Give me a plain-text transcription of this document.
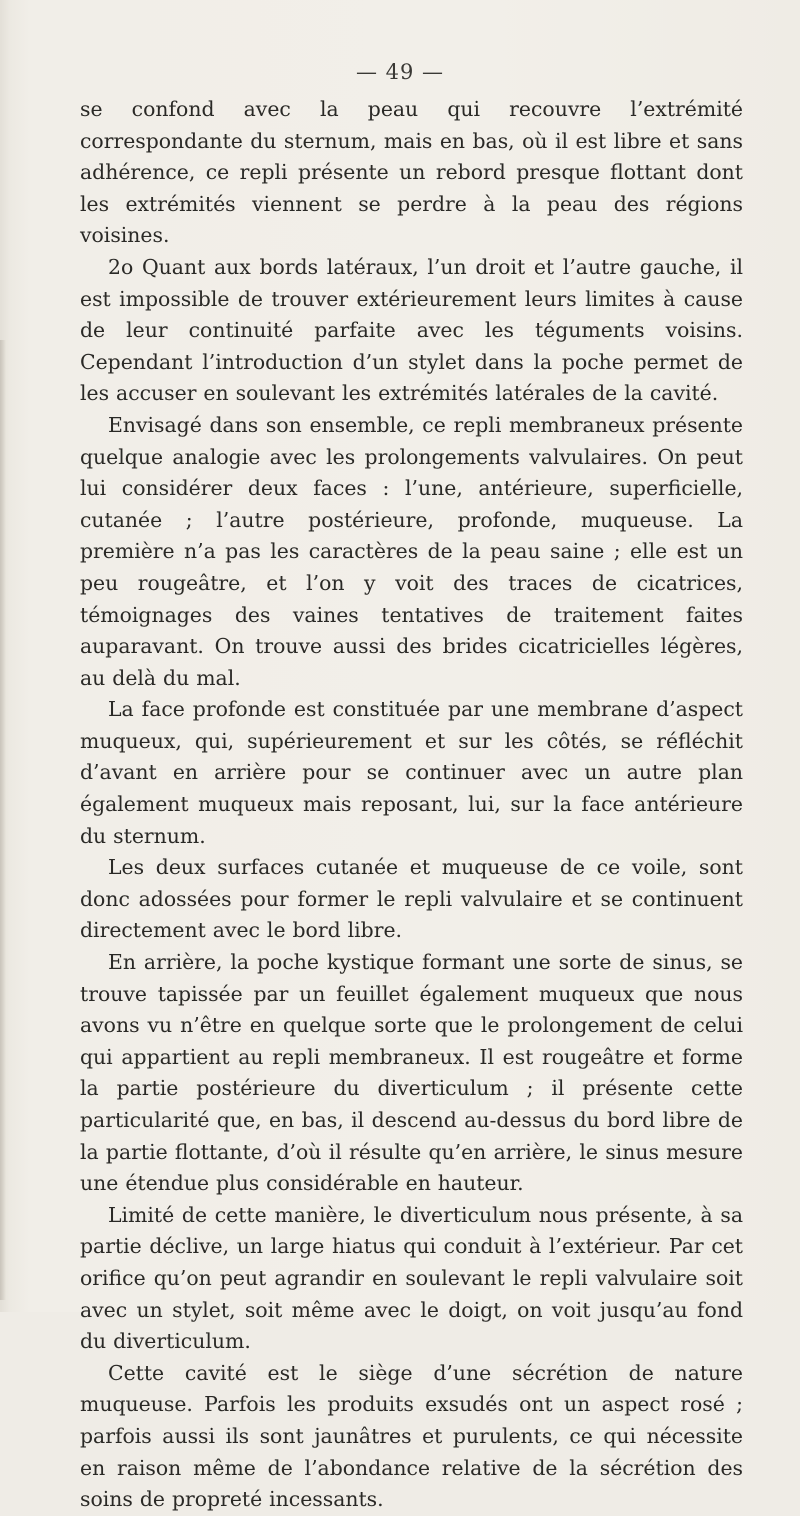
— 49 —

se confond avec la peau qui recouvre l’extrémité correspondante du sternum, mais en bas, où il est libre et sans adhérence, ce repli présente un rebord presque flottant dont les extrémités viennent se perdre à la peau des régions voisines.

2o Quant aux bords latéraux, l’un droit et l’autre gauche, il est impossible de trouver extérieurement leurs limites à cause de leur continuité parfaite avec les téguments voisins. Cependant l’introduction d’un stylet dans la poche permet de les accuser en soulevant les extrémités latérales de la cavité.

Envisagé dans son ensemble, ce repli membraneux présente quelque analogie avec les prolongements valvulaires. On peut lui considérer deux faces : l’une, antérieure, superficielle, cutanée ; l’autre postérieure, profonde, muqueuse. La première n’a pas les caractères de la peau saine ; elle est un peu rougeâtre, et l’on y voit des traces de cicatrices, témoignages des vaines tentatives de traitement faites auparavant. On trouve aussi des brides cicatricielles légères, au delà du mal.

La face profonde est constituée par une membrane d’aspect muqueux, qui, supérieurement et sur les côtés, se réfléchit d’avant en arrière pour se continuer avec un autre plan également muqueux mais reposant, lui, sur la face antérieure du sternum.

Les deux surfaces cutanée et muqueuse de ce voile, sont donc adossées pour former le repli valvulaire et se continuent directement avec le bord libre.

En arrière, la poche kystique formant une sorte de sinus, se trouve tapissée par un feuillet également muqueux que nous avons vu n’être en quelque sorte que le prolongement de celui qui appartient au repli membraneux. Il est rougeâtre et forme la partie postérieure du diverticulum ; il présente cette particularité que, en bas, il descend au-dessus du bord libre de la partie flottante, d’où il résulte qu’en arrière, le sinus mesure une étendue plus considérable en hauteur.

Limité de cette manière, le diverticulum nous présente, à sa partie déclive, un large hiatus qui conduit à l’extérieur. Par cet orifice qu’on peut agrandir en soulevant le repli valvulaire soit avec un stylet, soit même avec le doigt, on voit jusqu’au fond du diverticulum.

Cette cavité est le siège d’une sécrétion de nature muqueuse. Parfois les produits exsudés ont un aspect rosé ; parfois aussi ils sont jaunâtres et purulents, ce qui nécessite en raison même de l’abondance relative de la sécrétion des soins de propreté incessants.
